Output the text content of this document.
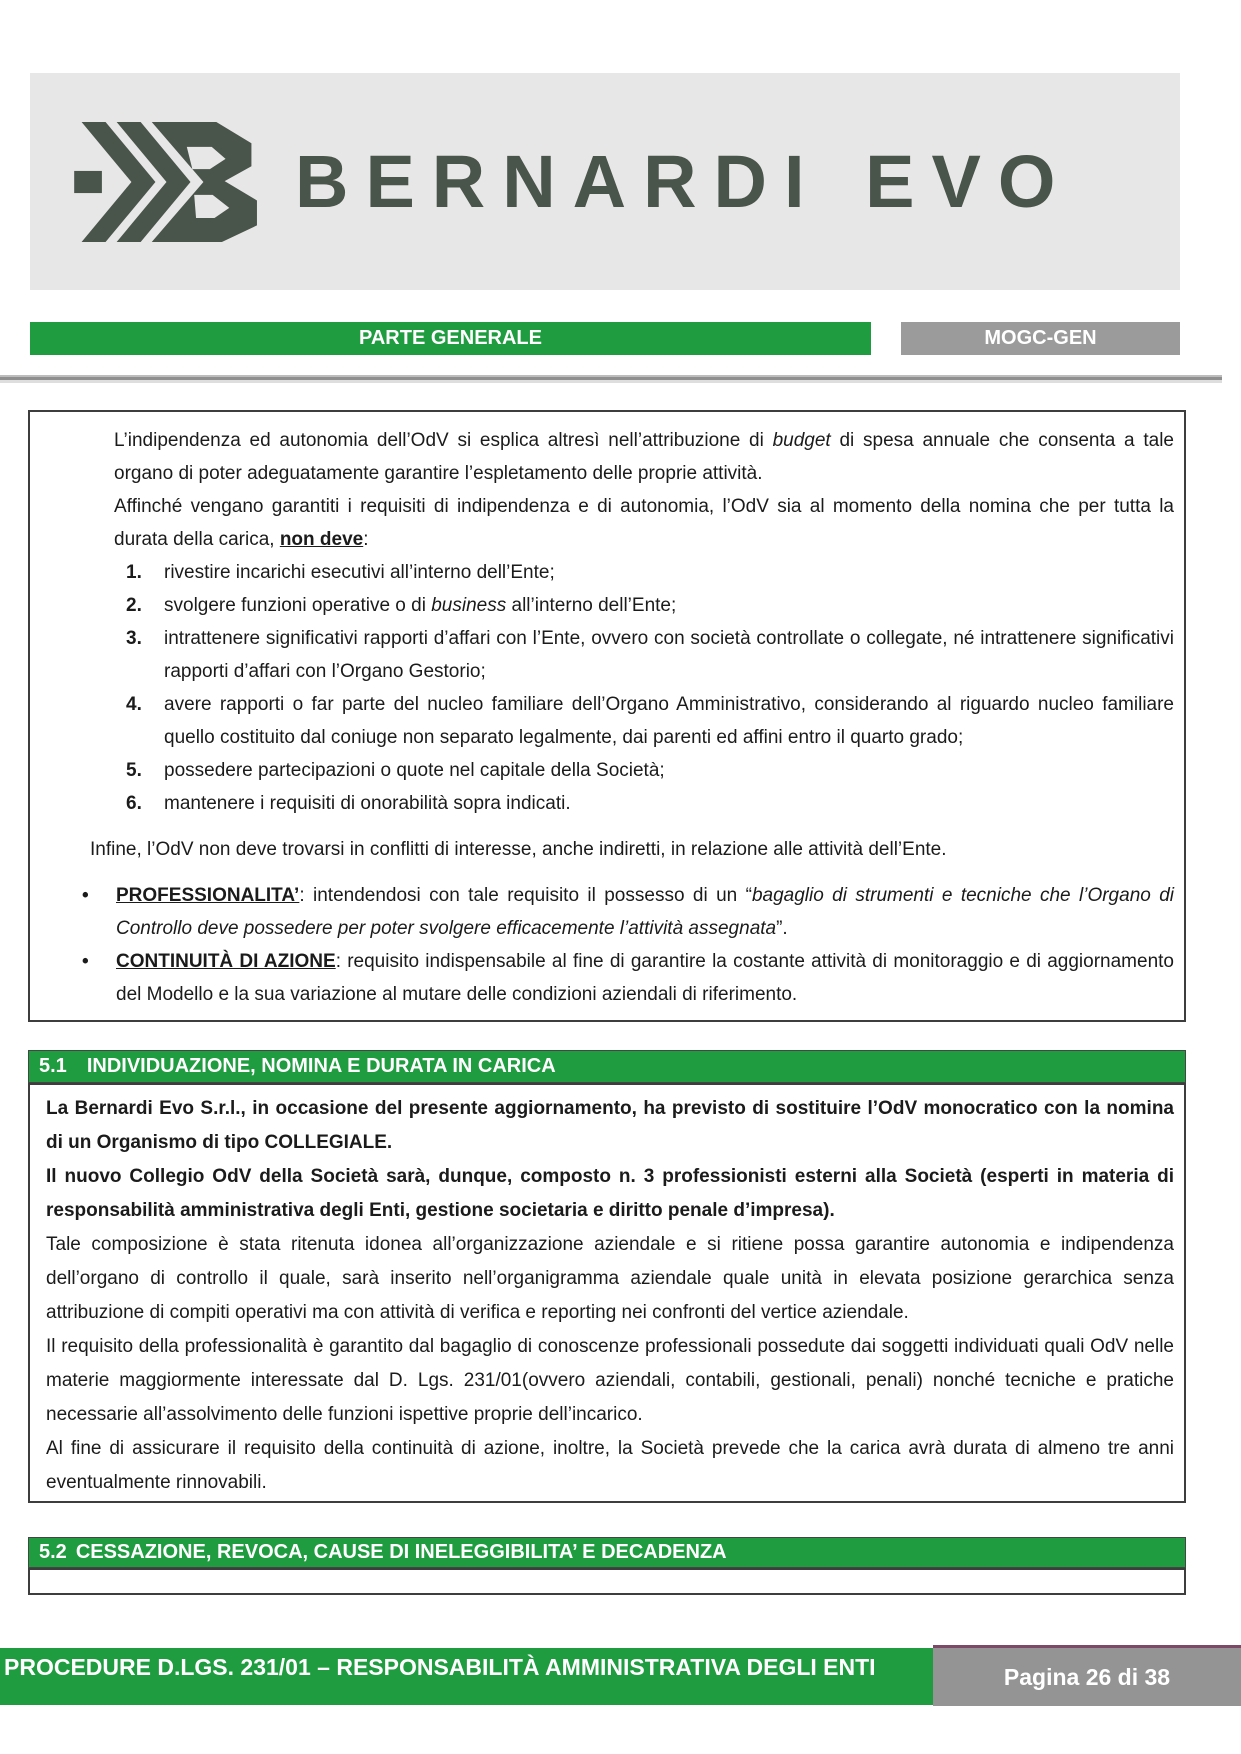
BERNARDI EVO
PARTE GENERALE	MOGC-GEN

L’indipendenza ed autonomia dell’OdV si esplica altresì nell’attribuzione di budget di spesa annuale che consenta a tale organo di poter adeguatamente garantire l’espletamento delle proprie attività.

Affinché vengano garantiti i requisiti di indipendenza e di autonomia, l’OdV sia al momento della nomina che per tutta la durata della carica, non deve:

1.	rivestire incarichi esecutivi all’interno dell’Ente;
2.	svolgere funzioni operative o di business all’interno dell’Ente;
3.	intrattenere significativi rapporti d’affari con l’Ente, ovvero con società controllate o collegate, né intrattenere significativi rapporti d’affari con l’Organo Gestorio;
4.	avere rapporti o far parte del nucleo familiare dell’Organo Amministrativo, considerando al riguardo nucleo familiare quello costituito dal coniuge non separato legalmente, dai parenti ed affini entro il quarto grado;
5.	possedere partecipazioni o quote nel capitale della Società;
6.	mantenere i requisiti di onorabilità sopra indicati.

Infine, l’OdV non deve trovarsi in conflitti di interesse, anche indiretti, in relazione alle attività dell’Ente.

•	PROFESSIONALITA’: intendendosi con tale requisito il possesso di un “bagaglio di strumenti e tecniche che l’Organo di Controllo deve possedere per poter svolgere efficacemente l’attività assegnata”.
•	CONTINUITÀ DI AZIONE: requisito indispensabile al fine di garantire la costante attività di monitoraggio e di aggiornamento del Modello e la sua variazione al mutare delle condizioni aziendali di riferimento.
5.1 INDIVIDUAZIONE, NOMINA E DURATA IN CARICA

La Bernardi Evo S.r.l., in occasione del presente aggiornamento, ha previsto di sostituire l’OdV monocratico con la nomina di un Organismo di tipo COLLEGIALE.

Il nuovo Collegio OdV della Società sarà, dunque, composto n. 3 professionisti esterni alla Società (esperti in materia di responsabilità amministrativa degli Enti, gestione societaria e diritto penale d’impresa).

Tale composizione è stata ritenuta idonea all’organizzazione aziendale e si ritiene possa garantire autonomia e indipendenza dell’organo di controllo il quale, sarà inserito nell’organigramma aziendale quale unità in elevata posizione gerarchica senza attribuzione di compiti operativi ma con attività di verifica e reporting nei confronti del vertice aziendale.

Il requisito della professionalità è garantito dal bagaglio di conoscenze professionali possedute dai soggetti individuati quali OdV nelle materie maggiormente interessate dal D. Lgs. 231/01(ovvero aziendali, contabili, gestionali, penali) nonché tecniche e pratiche necessarie all’assolvimento delle funzioni ispettive proprie dell’incarico.

Al fine di assicurare il requisito della continuità di azione, inoltre, la Società prevede che la carica avrà durata di almeno tre anni eventualmente rinnovabili.

5.2 CESSAZIONE, REVOCA, CAUSE DI INELEGGIBILITA’ E DECADENZA
PROCEDURE D.LGS. 231/01 – RESPONSABILITÀ AMMINISTRATIVA DEGLI ENTI	Pagina 26 di 38
